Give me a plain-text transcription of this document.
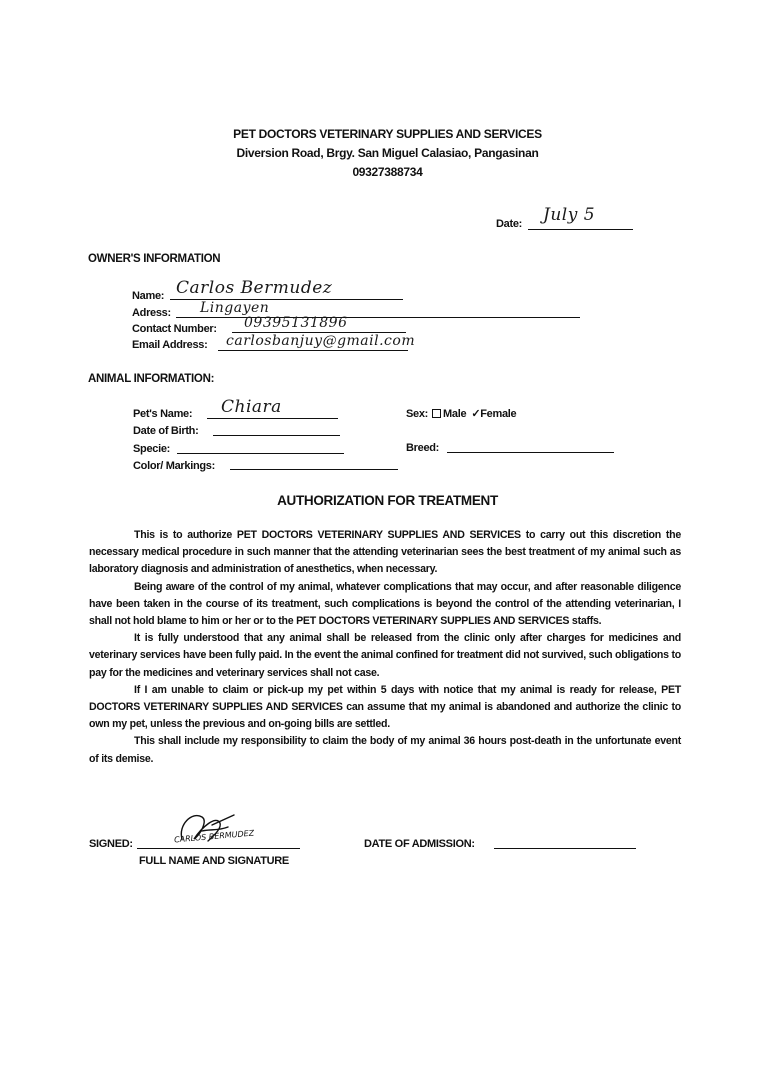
PET DOCTORS VETERINARY SUPPLIES AND SERVICES
Diversion Road, Brgy. San Miguel Calasiao, Pangasinan
09327388734
Date: July 5
OWNER'S INFORMATION
Name: Carlos Bermudez
Adress: Lingayen
Contact Number: 09395131896
Email Address: carlosbanjuy@gmail.com
ANIMAL INFORMATION:
Pet's Name: Chiara
Date of Birth:
Specie:
Color/ Markings:
Sex: Male ✓Female
Breed:
AUTHORIZATION FOR TREATMENT

This is to authorize PET DOCTORS VETERINARY SUPPLIES AND SERVICES to carry out this discretion the necessary medical procedure in such manner that the attending veterinarian sees the best treatment of my animal such as laboratory diagnosis and administration of anesthetics, when necessary.

Being aware of the control of my animal, whatever complications that may occur, and after reasonable diligence have been taken in the course of its treatment, such complications is beyond the control of the attending veterinarian, I shall not hold blame to him or her or to the PET DOCTORS VETERINARY SUPPLIES AND SERVICES staffs.

It is fully understood that any animal shall be released from the clinic only after charges for medicines and veterinary services have been fully paid. In the event the animal confined for treatment did not survived, such obligations to pay for the medicines and veterinary services shall not case.

If I am unable to claim or pick-up my pet within 5 days with notice that my animal is ready for release, PET DOCTORS VETERINARY SUPPLIES AND SERVICES can assume that my animal is abandoned and authorize the clinic to own my pet, unless the previous and on-going bills are settled.

This shall include my responsibility to claim the body of my animal 36 hours post-death in the unfortunate event of its demise.

SIGNED:	CARLOS BERMUDEZ
FULL NAME AND SIGNATURE
DATE OF ADMISSION:
